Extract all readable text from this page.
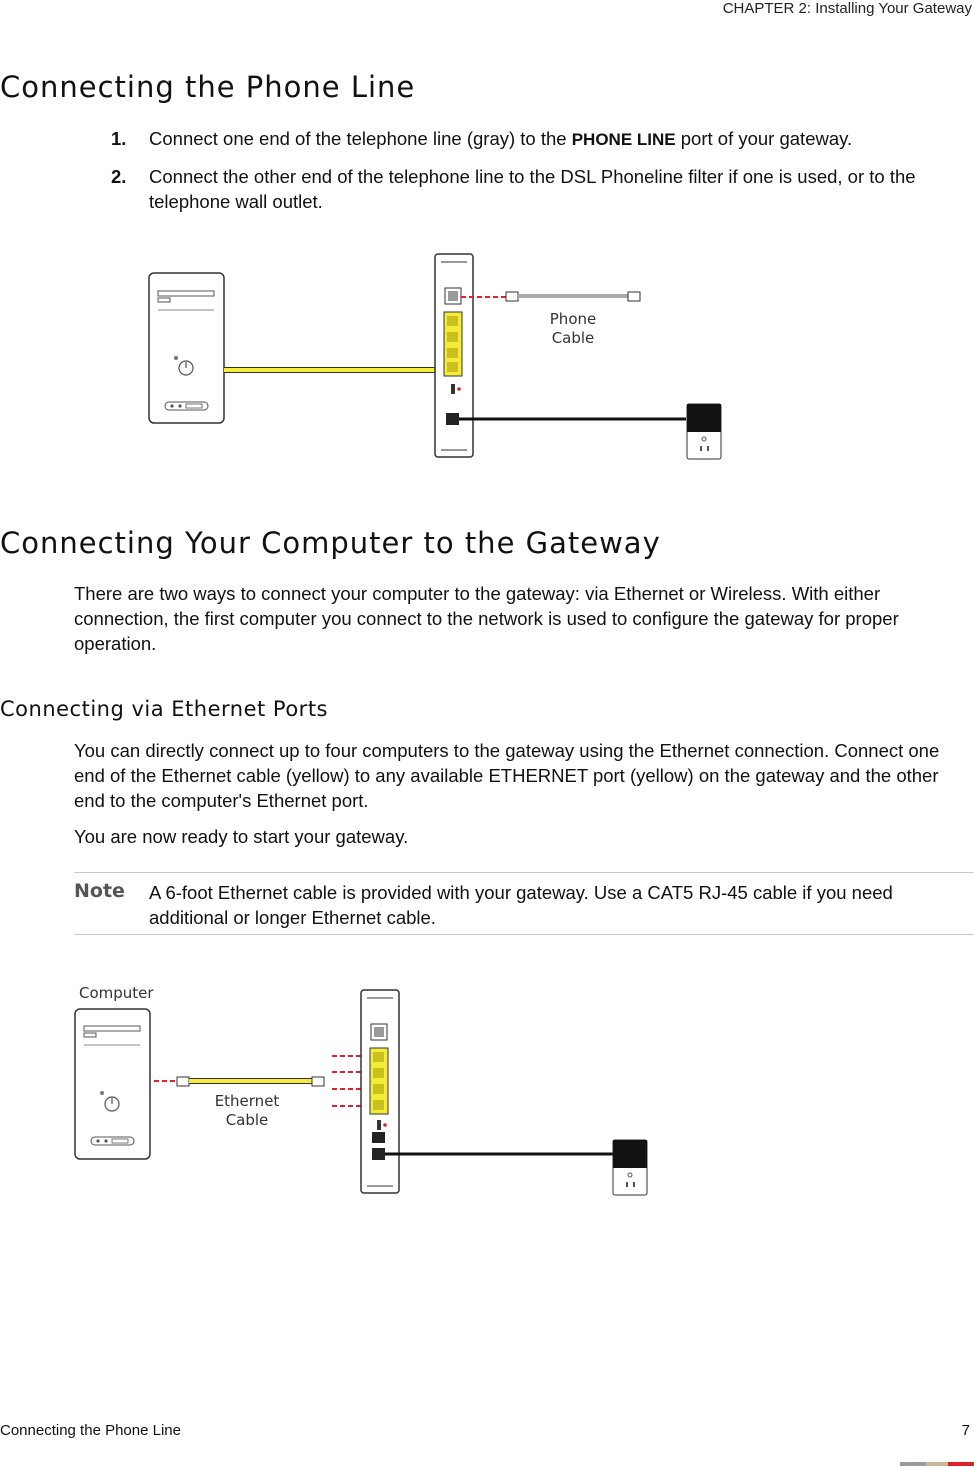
CHAPTER 2: Installing Your Gateway
Connecting the Phone Line
1. Connect one end of the telephone line (gray) to the PHONE LINE port of your gateway.
2. Connect the other end of the telephone line to the DSL Phoneline filter if one is used, or to the telephone wall outlet.
Phone
Cable
Connecting Your Computer to the Gateway
There are two ways to connect your computer to the gateway: via Ethernet or Wireless. With either connection, the first computer you connect to the network is used to configure the gateway for proper operation.
Connecting via Ethernet Ports
You can directly connect up to four computers to the gateway using the Ethernet connection. Connect one end of the Ethernet cable (yellow) to any available ETHERNET port (yellow) on the gateway and the other end to the computer's Ethernet port.
You are now ready to start your gateway.
Note A 6-foot Ethernet cable is provided with your gateway. Use a CAT5 RJ-45 cable if you need additional or longer Ethernet cable.
Computer
Ethernet
Cable
Connecting the Phone Line	7
